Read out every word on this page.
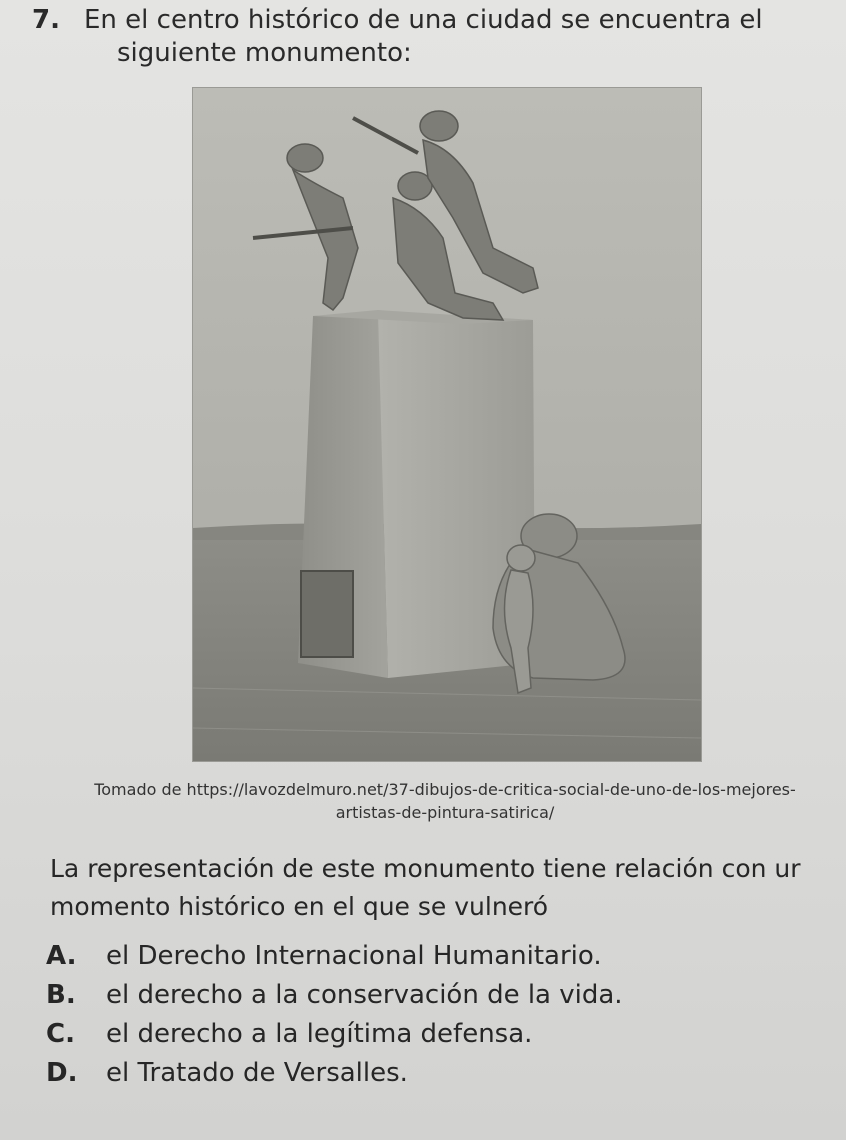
7. En el centro histórico de una ciudad se encuentra el
siguiente monumento:
Tomado de https://lavozdelmuro.net/37-dibujos-de-critica-social-de-uno-de-los-mejores-
artistas-de-pintura-satirica/
La representación de este monumento tiene relación con ur
momento histórico en el que se vulneró
A. el Derecho Internacional Humanitario.
B. el derecho a la conservación de la vida.
C. el derecho a la legítima defensa.
D. el Tratado de Versalles.
